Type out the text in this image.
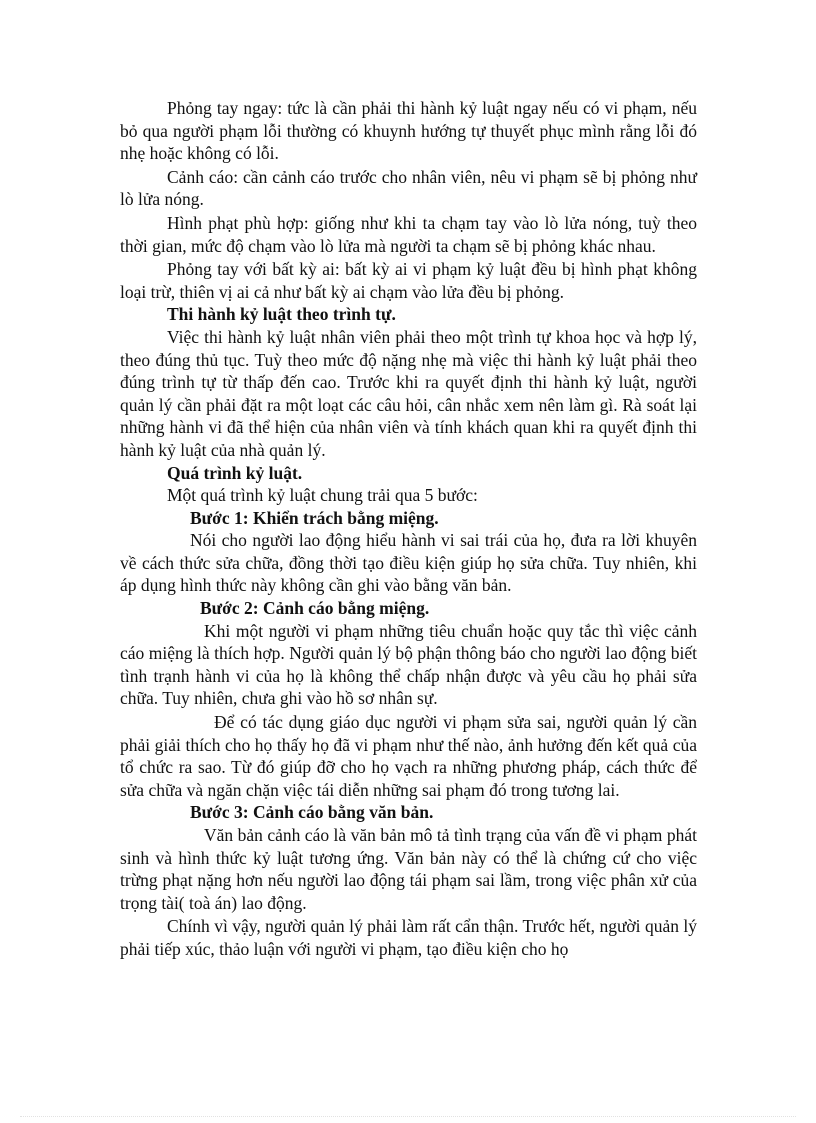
Phỏng tay ngay: tức là cần phải thi hành kỷ luật ngay nếu có vi phạm, nếu bỏ qua người phạm lỗi thường có khuynh hướng tự thuyết phục mình rằng lỗi đó nhẹ hoặc không có lỗi.

Cảnh cáo: cần cảnh cáo trước cho nhân viên, nêu vi phạm sẽ bị phỏng như lò lửa nóng.

Hình phạt phù hợp: giống như khi ta chạm tay vào lò lửa nóng, tuỳ theo thời gian, mức độ chạm vào lò lửa mà người ta chạm sẽ bị phỏng khác nhau.

Phỏng tay với bất kỳ ai: bất kỳ ai vi phạm kỷ luật đều bị hình phạt không loại trừ, thiên vị ai cả như bất kỳ ai chạm vào lửa đều bị phỏng.

Thi hành kỷ luật theo trình tự.

Việc thi hành kỷ luật nhân viên phải theo một trình tự khoa học và hợp lý, theo đúng thủ tục. Tuỳ theo mức độ nặng nhẹ mà việc thi hành kỷ luật phải theo đúng trình tự từ thấp đến cao. Trước khi ra quyết định thi hành kỷ luật, người quản lý cần phải đặt ra một loạt các câu hỏi, cân nhắc xem nên làm gì. Rà soát lại những hành vi đã thể hiện của nhân viên và tính khách quan khi ra quyết định thi hành kỷ luật của nhà quản lý.

Quá trình kỷ luật.

Một quá trình kỷ luật chung trải qua 5 bước:

Bước 1: Khiển trách bằng miệng.

Nói cho người lao động hiểu hành vi sai trái của họ, đưa ra lời khuyên về cách thức sửa chữa, đồng thời tạo điều kiện giúp họ sửa chữa. Tuy nhiên, khi áp dụng hình thức này không cần ghi vào bằng văn bản.

Bước 2: Cảnh cáo bằng miệng.

Khi một người vi phạm những tiêu chuẩn hoặc quy tắc thì việc cảnh cáo miệng là thích hợp. Người quản lý bộ phận thông báo cho người lao động biết tình trạnh hành vi của họ là không thể chấp nhận được và yêu cầu họ phải sửa chữa. Tuy nhiên, chưa ghi vào hồ sơ nhân sự.

Để có tác dụng giáo dục người vi phạm sửa sai, người quản lý cần phải giải thích cho họ thấy họ đã vi phạm như thế nào, ảnh hưởng đến kết quả của tổ chức ra sao. Từ đó giúp đỡ cho họ vạch ra những phương pháp, cách thức để sửa chữa và ngăn chặn việc tái diễn những sai phạm đó trong tương lai.

Bước 3: Cảnh cáo bằng văn bản.

Văn bản cảnh cáo là văn bản mô tả tình trạng của vấn đề vi phạm phát sinh và hình thức kỷ luật tương ứng. Văn bản này có thể là chứng cứ cho việc trừng phạt nặng hơn nếu người lao động tái phạm sai lầm, trong việc phân xử của trọng tài( toà án) lao động.

Chính vì vậy, người quản lý phải làm rất cẩn thận. Trước hết, người quản lý phải tiếp xúc, thảo luận với người vi phạm, tạo điều kiện cho họ
